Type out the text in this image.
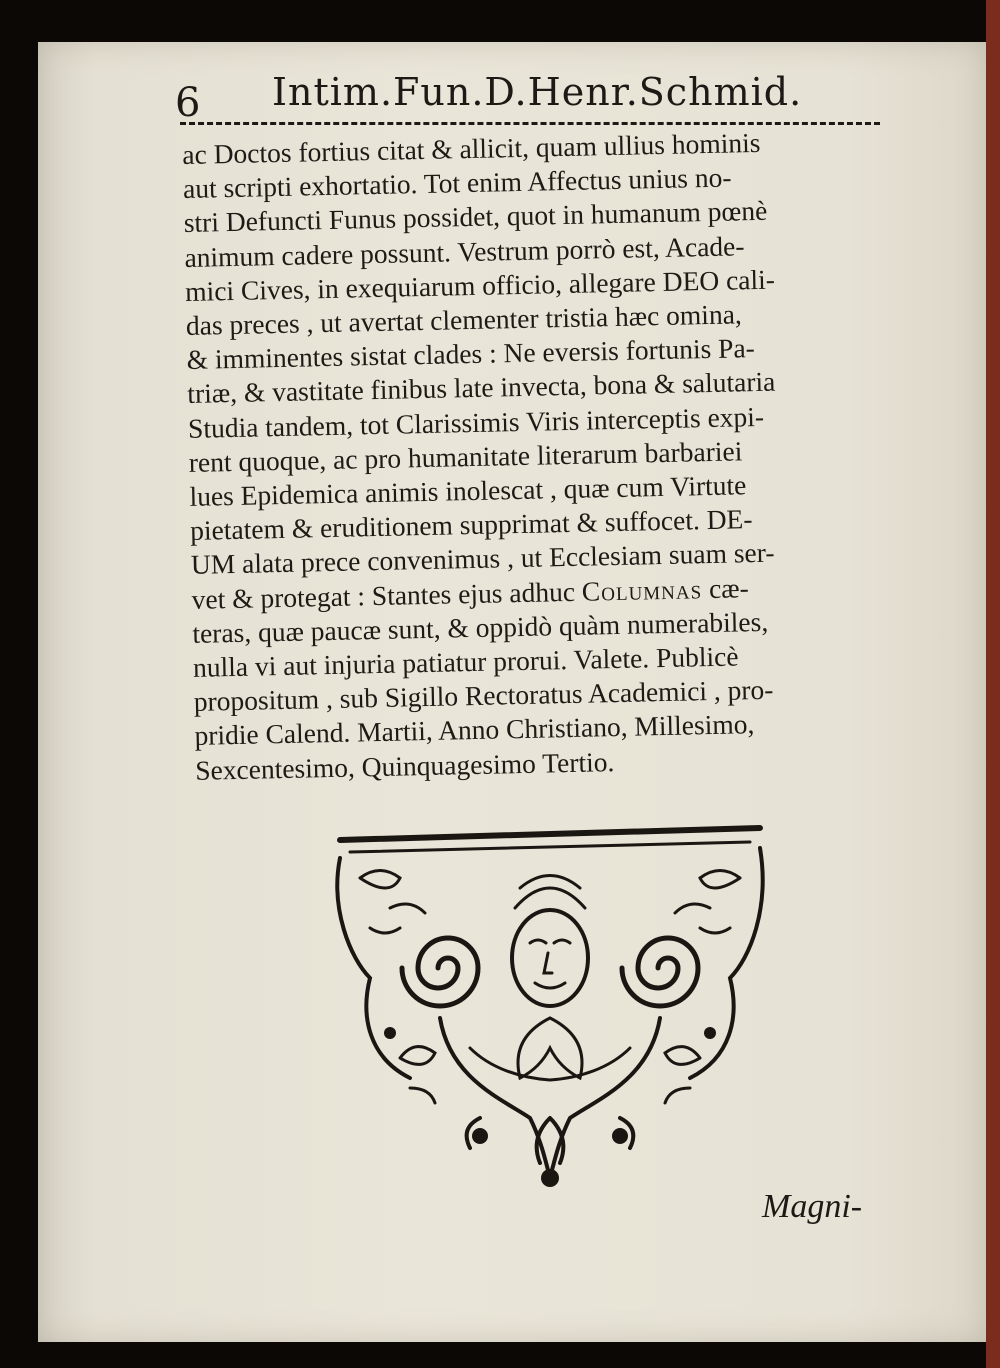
6 Intim.Fun.D.Henr.Schmid.
ac Doctos fortius citat & allicit, quam ullius hominis
aut scripti exhortatio. Tot enim Affectus unius no-
stri Defuncti Funus possidet, quot in humanum pœnè
animum cadere possunt. Vestrum porrò est, Acade-
mici Cives, in exequiarum officio, allegare DEO cali-
das preces , ut avertat clementer tristia hæc omina,
& imminentes sistat clades : Ne eversis fortunis Pa-
triæ, & vastitate finibus late invecta, bona & salutaria
Studia tandem, tot Clarissimis Viris interceptis expi-
rent quoque, ac pro humanitate literarum barbariei
lues Epidemica animis inolescat , quæ cum Virtute
pietatem & eruditionem supprimat & suffocet. DE-
UM alata prece convenimus , ut Ecclesiam suam ser-
vet & protegat : Stantes ejus adhuc Columnas cæ-
teras, quæ paucæ sunt, & oppidò quàm numerabiles,
nulla vi aut injuria patiatur prorui. Valete. Publicè
propositum , sub Sigillo Rectoratus Academici , pro-
pridie Calend. Martii, Anno Christiano, Millesimo,
Sexcentesimo, Quinquagesimo Tertio.
Magni-
